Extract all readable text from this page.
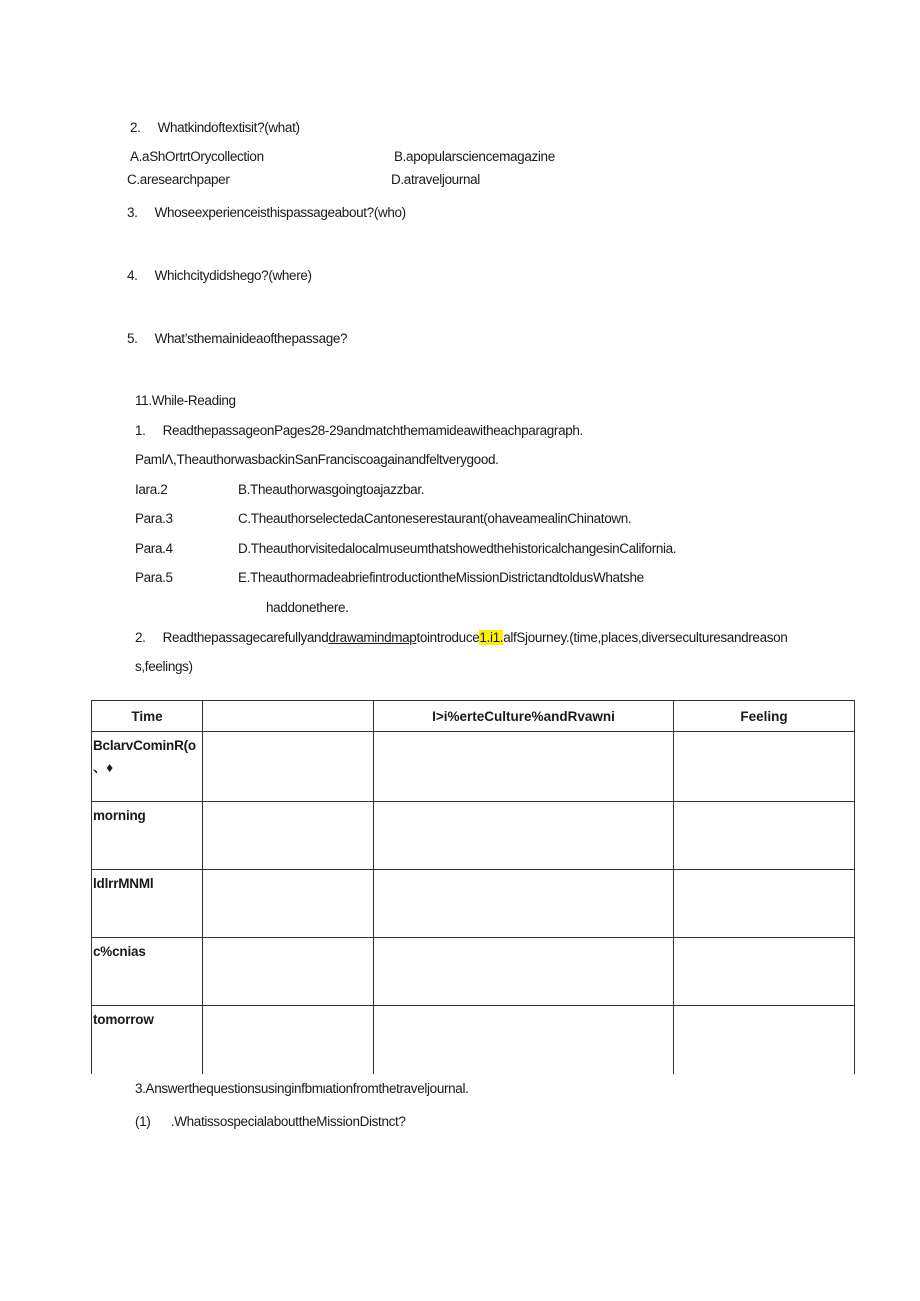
2. Whatkindoftextisit?(what)
A.aShOrtrtOrycollection	B.apopularsciencemagazine
C.aresearchpaper	D.atraveljournal
3. Whoseexperienceisthispassageabout?(who)
4. Whichcitydidshego?(where)
5. What’sthemainideaofthepassage?
11.While-Reading
1. ReadthepassageonPages28-29andmatchthemamideawitheachparagraph.
PamlΛ,TheauthorwasbackinSanFranciscoagainandfeltverygood.
Iara.2	B.Theauthorwasgoingtoajazzbar.
Para.3	C.TheauthorselectedaCantoneserestaurant(ohaveamealinChinatown.
Para.4	D.TheauthorvisitedalocalmuseumthatshowedthehistoricalchangesinCalifornia.
Para.5	E.TheauthormadeabriefintroductiontheMissionDistrictandtoldusWhatshe
haddonethere.
2. Readthepassagecarefullyanddrawamindmaptointroduce1.i1.alfSjourney.(time,places,diverseculturesandreason
s,feelings)
Time		I>i%erteCulture%andRvawni	Feeling

BclarvCominR(o
、♦			

morning			
ldlrrMNMl			
c%cnias			
tomorrow			
3.Answerthequestionsusinginfbmιationfromthetraveljournal.
(1) .WhatissospecialabouttheMissionDistnct?
